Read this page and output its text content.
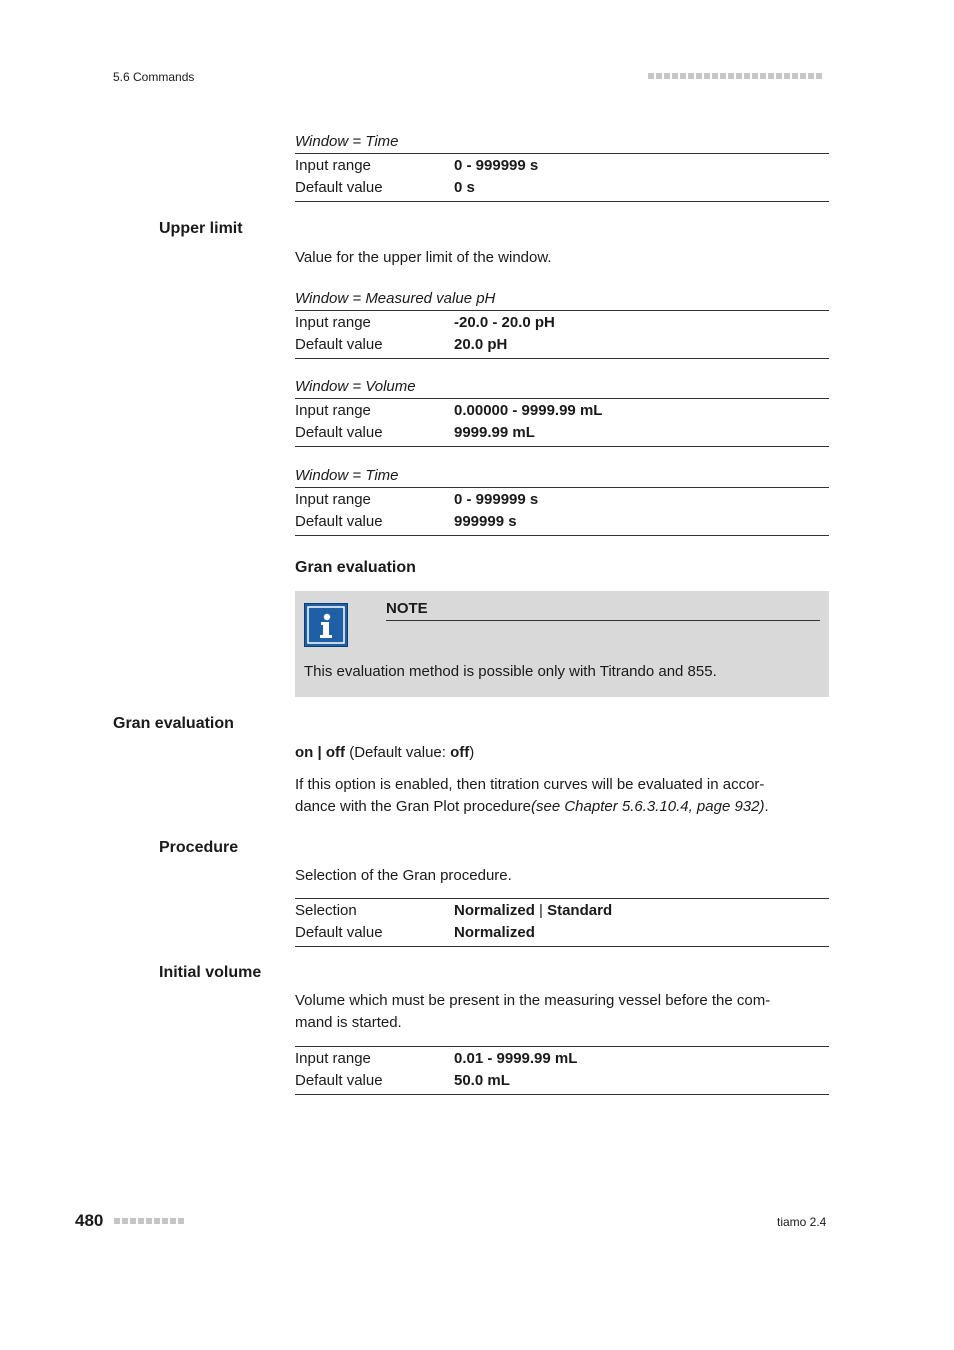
5.6 Commands
Window = Time
Input range	0 - 999999 s
Default value	0 s
Upper limit
Value for the upper limit of the window.
Window = Measured value pH
Input range	-20.0 - 20.0 pH
Default value	20.0 pH
Window = Volume
Input range	0.00000 - 9999.99 mL
Default value	9999.99 mL
Window = Time
Input range	0 - 999999 s
Default value	999999 s
Gran evaluation
NOTE
This evaluation method is possible only with Titrando and 855.
Gran evaluation
on | off (Default value: off)
If this option is enabled, then titration curves will be evaluated in accor-
dance with the Gran Plot procedure(see Chapter 5.6.3.10.4, page 932).
Procedure
Selection of the Gran procedure.
Selection	Normalized | Standard
Default value	Normalized
Initial volume
Volume which must be present in the measuring vessel before the com-
mand is started.
Input range	0.01 - 9999.99 mL
Default value	50.0 mL
480	tiamo 2.4
